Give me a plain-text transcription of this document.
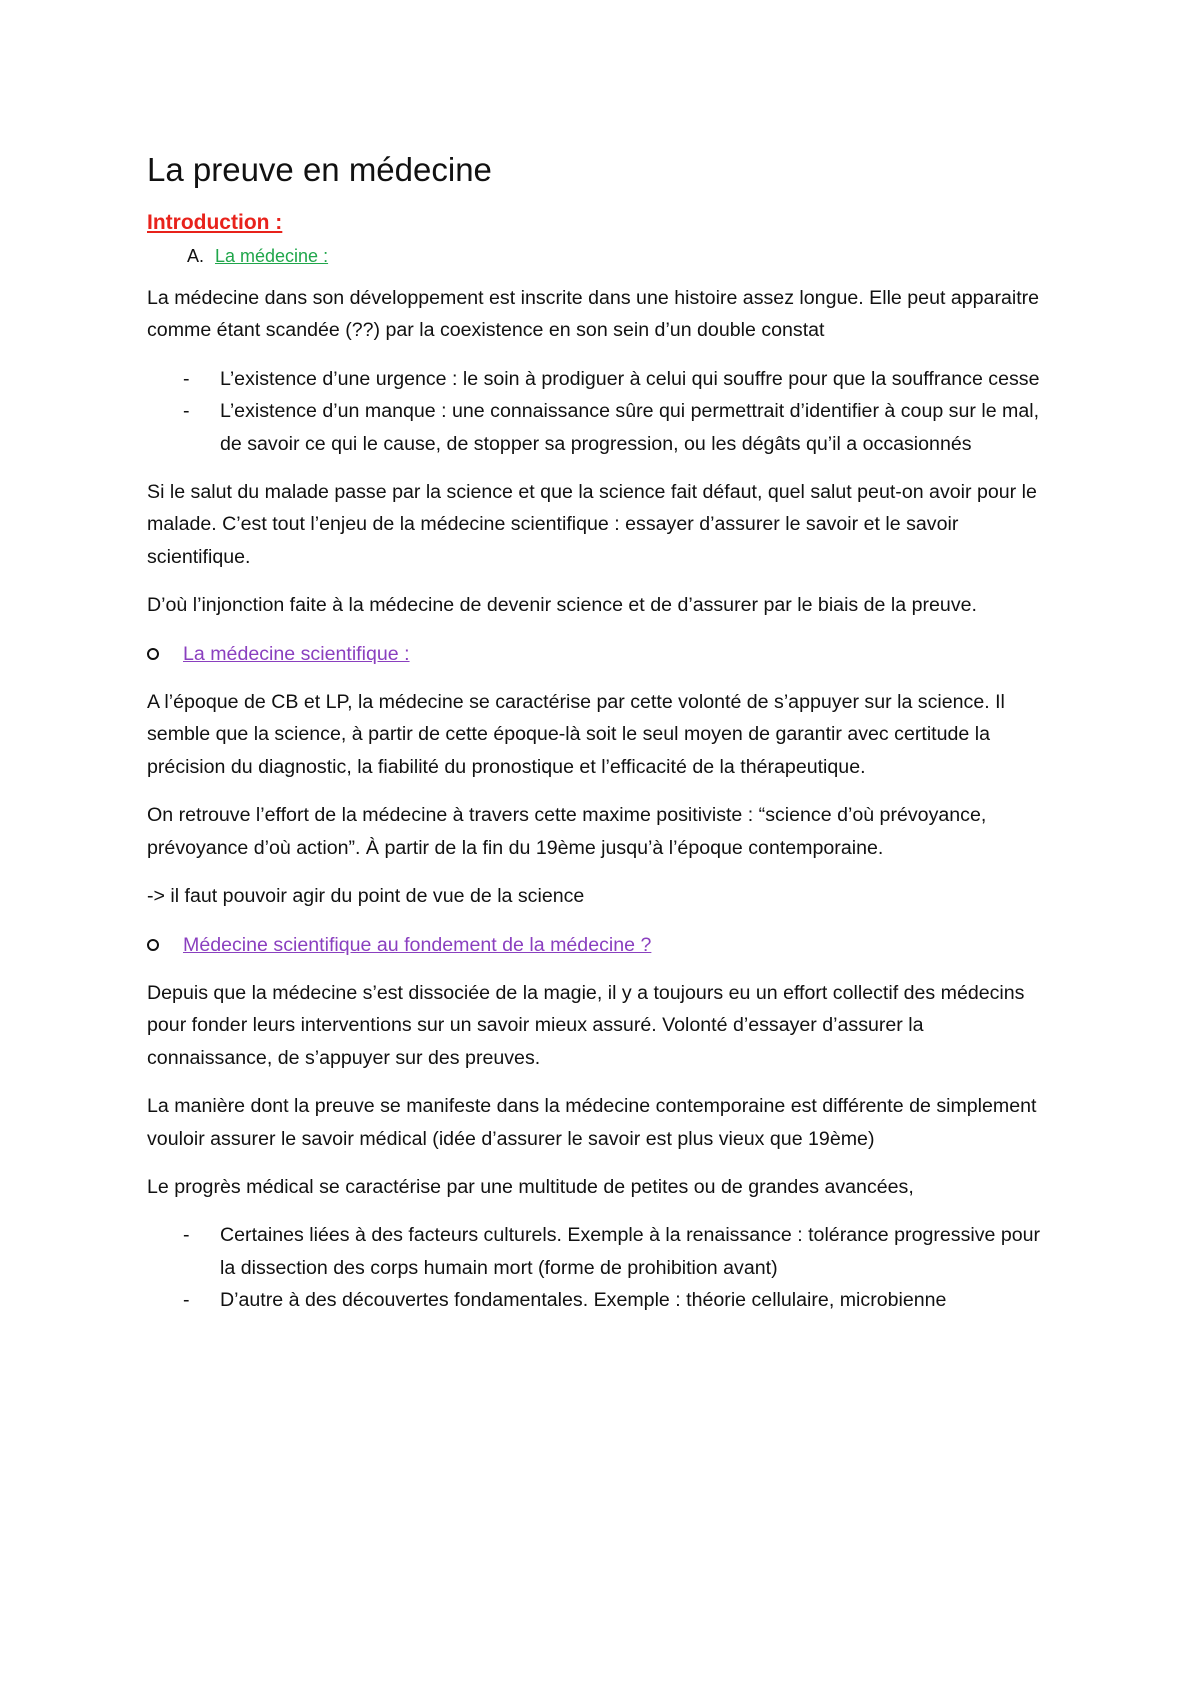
La preuve en médecine
Introduction :
A. La médecine :

La médecine dans son développement est inscrite dans une histoire assez longue. Elle peut apparaitre comme étant scandée (??) par la coexistence en son sein d’un double constat

- L’existence d’une urgence : le soin à prodiguer à celui qui souffre pour que la souffrance cesse
- L’existence d’un manque : une connaissance sûre qui permettrait d’identifier à coup sur le mal, de savoir ce qui le cause, de stopper sa progression, ou les dégâts qu’il a occasionnés

Si le salut du malade passe par la science et que la science fait défaut, quel salut peut-on avoir pour le malade. C’est tout l’enjeu de la médecine scientifique : essayer d’assurer le savoir et le savoir scientifique.

D’où l’injonction faite à la médecine de devenir science et de d’assurer par le biais de la preuve.

La médecine scientifique :

A l’époque de CB et LP, la médecine se caractérise par cette volonté de s’appuyer sur la science. Il semble que la science, à partir de cette époque-là soit le seul moyen de garantir avec certitude la précision du diagnostic, la fiabilité du pronostique et l’efficacité de la thérapeutique.

On retrouve l’effort de la médecine à travers cette maxime positiviste : “science d’où prévoyance, prévoyance d’où action”. À partir de la fin du 19ème jusqu’à l’époque contemporaine.

-> il faut pouvoir agir du point de vue de la science

Médecine scientifique au fondement de la médecine ?

Depuis que la médecine s’est dissociée de la magie, il y a toujours eu un effort collectif des médecins pour fonder leurs interventions sur un savoir mieux assuré. Volonté d’essayer d’assurer la connaissance, de s’appuyer sur des preuves.

La manière dont la preuve se manifeste dans la médecine contemporaine est différente de simplement vouloir assurer le savoir médical (idée d’assurer le savoir est plus vieux que 19ème)

Le progrès médical se caractérise par une multitude de petites ou de grandes avancées,

- Certaines liées à des facteurs culturels. Exemple à la renaissance : tolérance progressive pour la dissection des corps humain mort (forme de prohibition avant)
- D’autre à des découvertes fondamentales. Exemple : théorie cellulaire, microbienne
